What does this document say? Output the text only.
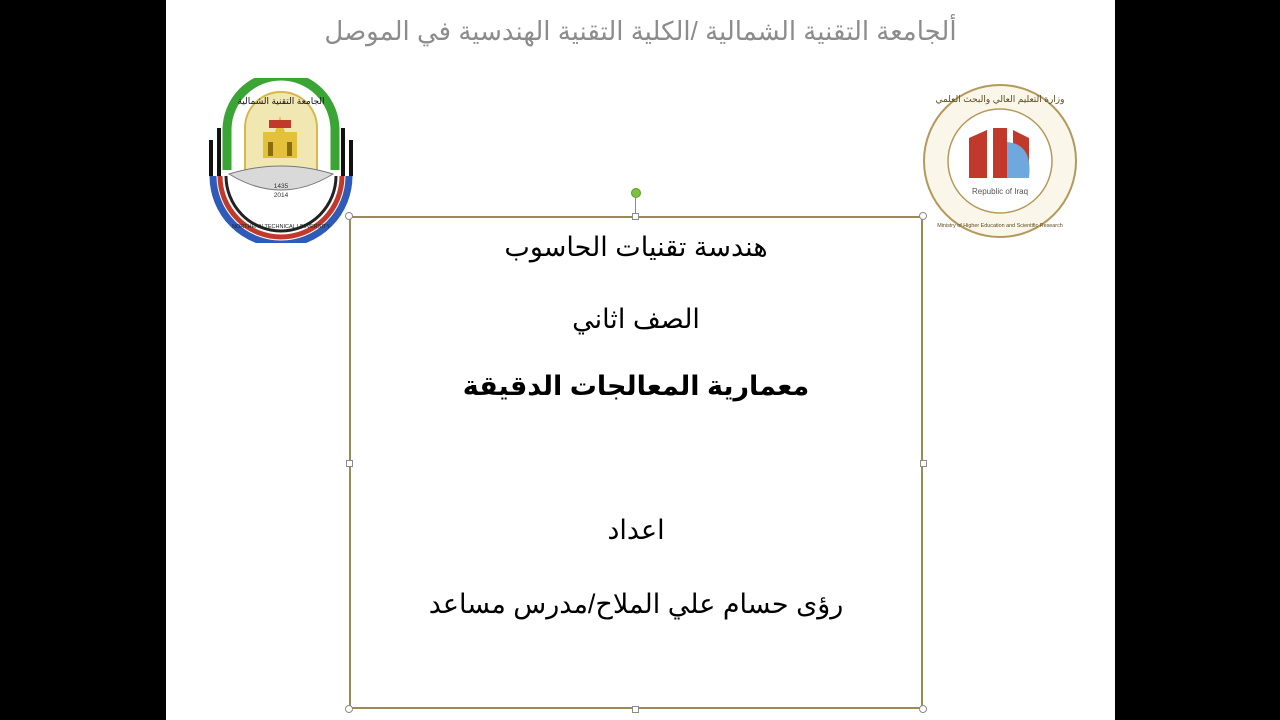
ألجامعة التقنية الشمالية /الكلية التقنية الهندسية في الموصل
1435
2014
الجامعة التقنية الشمالية
NORTHERN TECHNICAL UNIVERSITY
Republic of Iraq
وزارة التعليم العالي والبحث العلمي
Ministry of Higher Education and Scientific Research
هندسة تقنيات الحاسوب
الصف اثاني
معمارية المعالجات الدقيقة
اعداد
رؤى حسام علي الملاح/مدرس مساعد
